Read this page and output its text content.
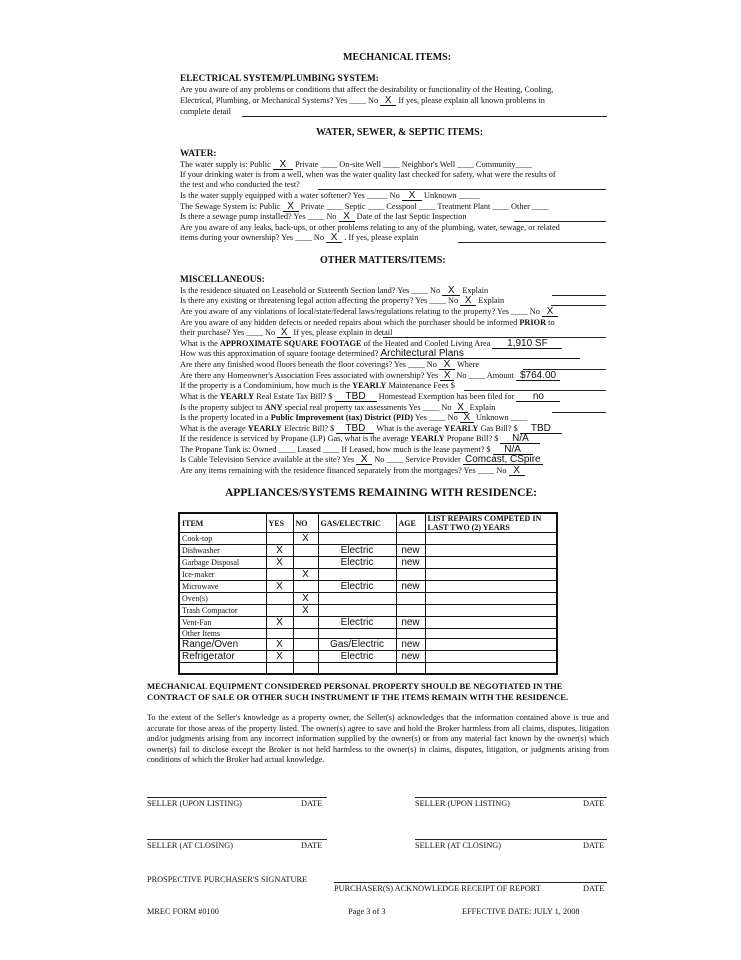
MECHANICAL ITEMS:
ELECTRICAL SYSTEM/PLUMBING SYSTEM:
Are you aware of any problems or conditions that affect the desirability or functionality of the Heating, Cooling,
Electrical, Plumbing, or Mechanical Systems? Yes ____ No X If yes, please explain all known problems in
complete detail
WATER, SEWER, & SEPTIC ITEMS:
WATER:
The water supply is: Public X Private ____ On-site Well ____ Neighbor's Well ____ Community____
If your drinking water is from a well, when was the water quality last checked for safety, what were the results of
the test and who conducted the test?
Is the water supply equipped with a water softener? Yes _____ No X Unknown _____
The Sewage System is: Public X Private ____ Septic ____ Cesspool ____ Treatment Plant ____ Other ____
Is there a sewage pump installed? Yes ____ No X Date of the last Septic Inspection
Are you aware of any leaks, back-ups, or other problems relating to any of the plumbing, water, sewage, or related
items during your ownership? Yes ____ No X . If yes, please explain
OTHER MATTERS/ITEMS:
MISCELLANEOUS:
Is the residence situated on Leasehold or Sixteenth Section land? Yes ____ No X Explain
Is there any existing or threatening legal action affecting the property? Yes ____ No X Explain
Are you aware of any violations of local/state/federal laws/regulations relating to the property? Yes ____ No X
Are you aware of any hidden defects or needed repairs about which the purchaser should be informed PRIOR to
their purchase? Yes ____ No X If yes, please explain in detail
What is the APPROXIMATE SQUARE FOOTAGE of the Heated and Cooled Living Area 1,910 SF
How was this approximation of square footage determined? Architectural Plans
Are there any finished wood floors beneath the floor coverings? Yes ____ No X Where
Are there any Homeowner's Association Fees associated with ownership? Yes X No ____ Amount $764.00
If the property is a Condominium, how much is the YEARLY Maintenance Fees $
What is the YEARLY Real Estate Tax Bill? $ TBD Homestead Exemption has been filed for no
Is the property subject to ANY special real property tax assessments Yes ____ No X Explain
Is the property located in a Public Improvement (tax) District (PID) Yes ____ No X Unknown ____
What is the average YEARLY Electric Bill? $ TBD What is the average YEARLY Gas Bill? $ TBD
If the residence is serviced by Propane (LP) Gas, what is the average YEARLY Propane Bill? $ N/A
The Propane Tank is: Owned ____ Leased ____ If Leased, how much is the lease payment? $ N/A
Is Cable Television Service available at the site? Yes X No ____ Service Provider Comcast, CSpire
Are any items remaining with the residence financed separately from the mortgages? Yes ____ No X
APPLIANCES/SYSTEMS REMAINING WITH RESIDENCE:
ITEM	YES	NO	GAS/ELECTRIC	AGE	LIST REPAIRS COMPETED IN LAST TWO (2) YEARS
Cook-top		X			
Dishwasher	X		Electric	new	
Garbage Disposal	X		Electric	new	
Ice-maker		X			
Microwave	X		Electric	new	
Oven(s)		X			
Trash Compactor		X			
Vent-Fan	X		Electric	new	
Other Items					
Range/Oven	X		Gas/Electric	new	
Refrigerator	X		Electric	new	

MECHANICAL EQUIPMENT CONSIDERED PERSONAL PROPERTY SHOULD BE NEGOTIATED IN THE
CONTRACT OF SALE OR OTHER SUCH INSTRUMENT IF THE ITEMS REMAIN WITH THE RESIDENCE.
To the extent of the Seller's knowledge as a property owner, the Seller(s) acknowledges that the information contained above is true and accurate for those areas of the property listed. The owner(s) agree to save and hold the Broker harmless from all claims, disputes, litigation and/or judgments arising from any incorrect information supplied by the owner(s) or from any material fact known by the owner(s) which owner(s) fail to disclose except the Broker is not held harmless to the owner(s) in claims, disputes, litigation, or judgments arising from conditions of which the Broker had actual knowledge.
SELLER (UPON LISTING)	DATE	SELLER (UPON LISTING)	DATE
SELLER (AT CLOSING)	DATE	SELLER (AT CLOSING)	DATE
PROSPECTIVE PURCHASER'S SIGNATURE
PURCHASER(S) ACKNOWLEDGE RECEIPT OF REPORT	DATE
MREC FORM #0100	Page 3 of 3	EFFECTIVE DATE: JULY 1, 2008
